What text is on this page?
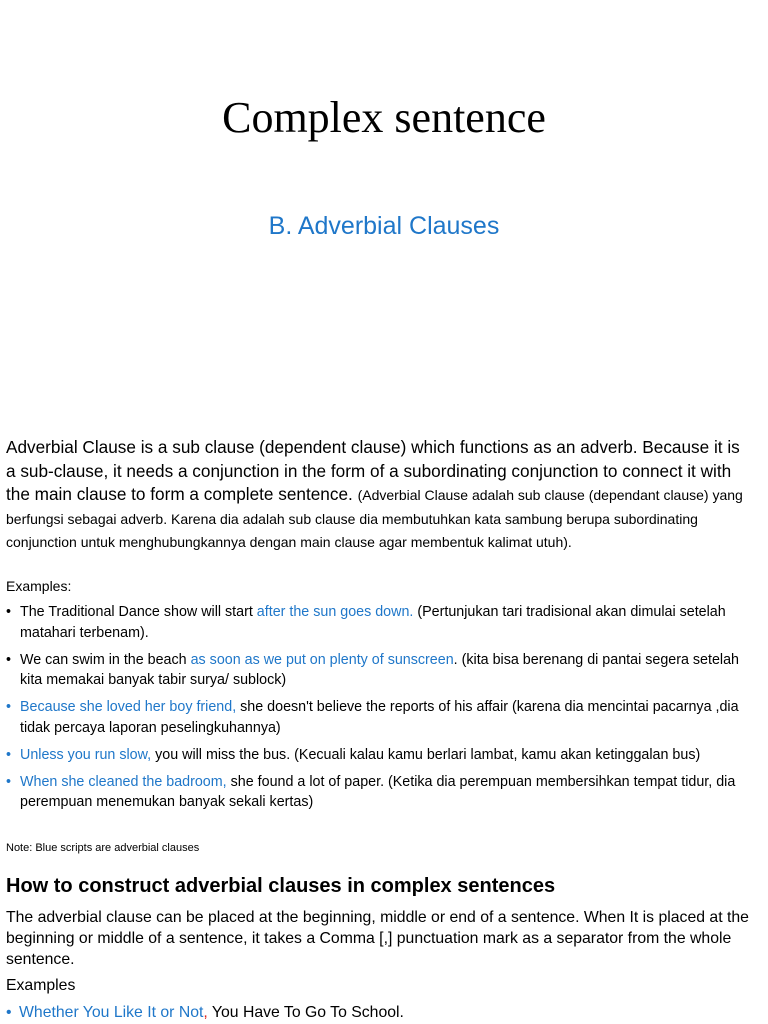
Complex sentence
B. Adverbial Clauses
Adverbial Clause is a sub clause (dependent clause) which functions as an adverb. Because it is a sub-clause, it needs a conjunction in the form of a subordinating conjunction to connect it with the main clause to form a complete sentence. (Adverbial Clause adalah sub clause (dependant clause) yang berfungsi sebagai adverb. Karena dia adalah sub clause dia membutuhkan kata sambung berupa subordinating conjunction untuk menghubungkannya dengan main clause agar membentuk kalimat utuh).
Examples:
• The Traditional Dance show will start after the sun goes down. (Pertunjukan tari tradisional akan dimulai setelah matahari terbenam).
• We can swim in the beach as soon as we put on plenty of sunscreen. (kita bisa berenang di pantai segera setelah kita memakai banyak tabir surya/ sublock)
• Because she loved her boy friend, she doesn't believe the reports of his affair (karena dia mencintai pacarnya ,dia tidak percaya laporan peselingkuhannya)
• Unless you run slow, you will miss the bus. (Kecuali kalau kamu berlari lambat, kamu akan ketinggalan bus)
• When she cleaned the badroom, she found a lot of paper. (Ketika dia perempuan membersihkan tempat tidur, dia perempuan menemukan banyak sekali kertas)
Note: Blue scripts are adverbial clauses
How to construct adverbial clauses in complex sentences
The adverbial clause can be placed at the beginning, middle or end of a sentence. When It is placed at the beginning or middle of a sentence, it takes a Comma [,] punctuation mark as a separator from the whole sentence.
Examples
• Whether You Like It or Not, You Have To Go To School.
